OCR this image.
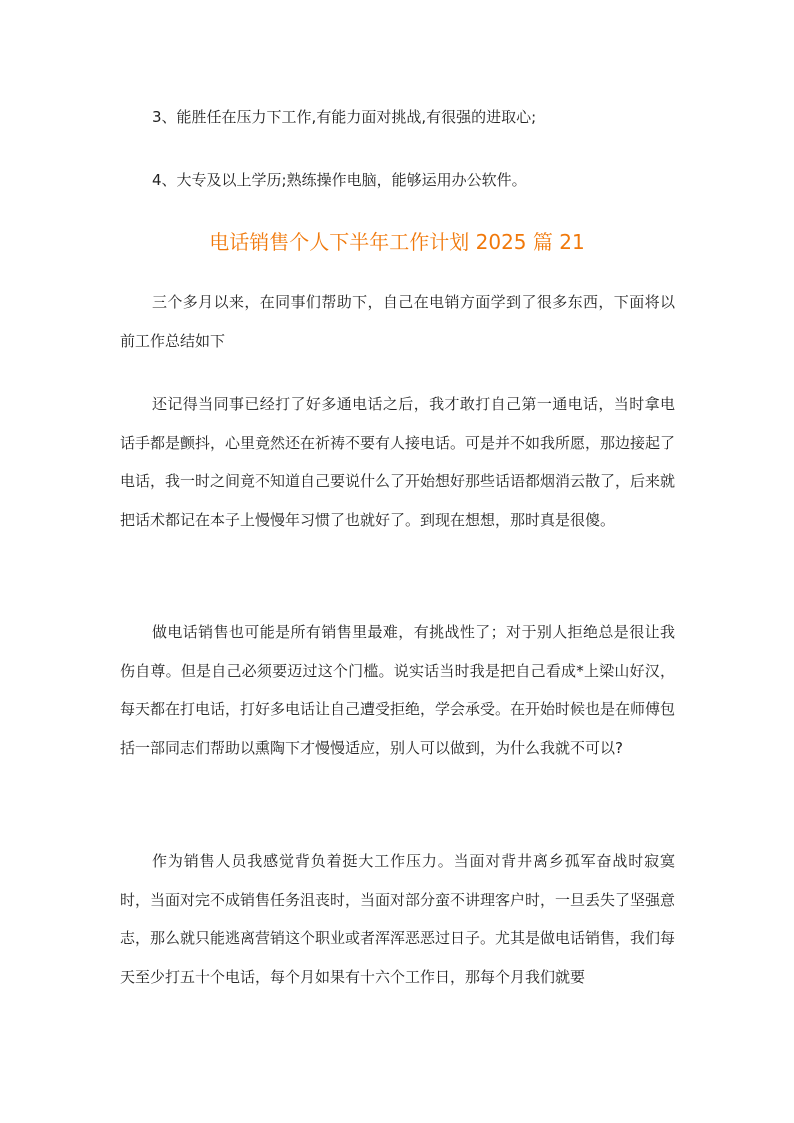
3、能胜任在压力下工作,有能力面对挑战,有很强的进取心;
4、大专及以上学历;熟练操作电脑，能够运用办公软件。
电话销售个人下半年工作计划 2025 篇 21

三个多月以来，在同事们帮助下，自己在电销方面学到了很多东西，下面将以前工作总结如下

还记得当同事已经打了好多通电话之后，我才敢打自己第一通电话，当时拿电话手都是颤抖，心里竟然还在祈祷不要有人接电话。可是并不如我所愿，那边接起了电话，我一时之间竟不知道自己要说什么了开始想好那些话语都烟消云散了，后来就把话术都记在本子上慢慢年习惯了也就好了。到现在想想，那时真是很傻。

做电话销售也可能是所有销售里最难，有挑战性了；对于别人拒绝总是很让我伤自尊。但是自己必须要迈过这个门槛。说实话当时我是把自己看成*上梁山好汉，每天都在打电话，打好多电话让自己遭受拒绝，学会承受。在开始时候也是在师傅包括一部同志们帮助以熏陶下才慢慢适应，别人可以做到，为什么我就不可以?

作为销售人员我感觉背负着挺大工作压力。当面对背井离乡孤军奋战时寂寞时，当面对完不成销售任务沮丧时，当面对部分蛮不讲理客户时，一旦丢失了坚强意志，那么就只能逃离营销这个职业或者浑浑恶恶过日子。尤其是做电话销售，我们每天至少打五十个电话，每个月如果有十六个工作日，那每个月我们就要
